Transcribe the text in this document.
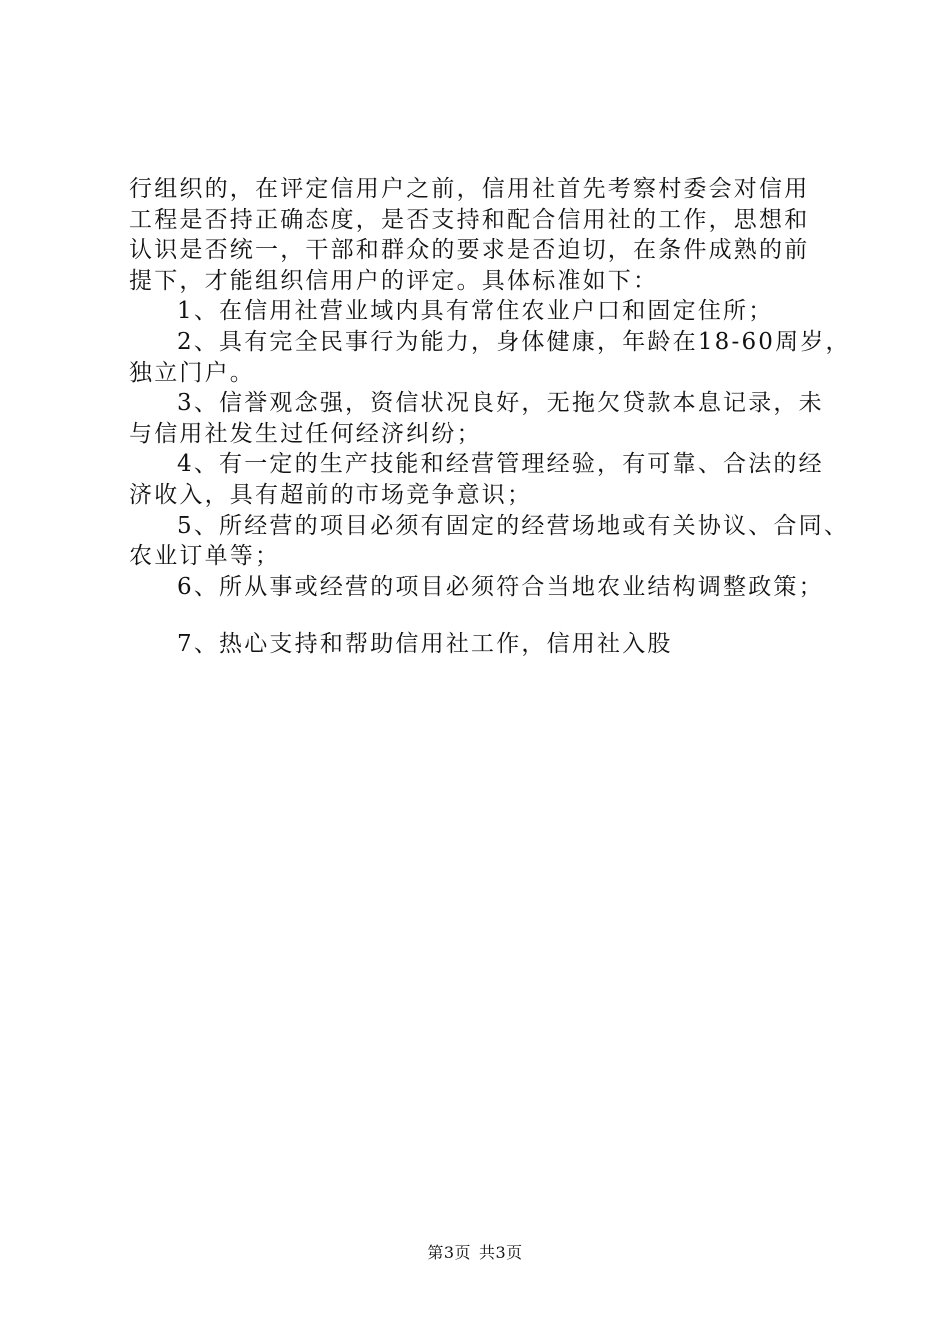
行组织的，在评定信用户之前，信用社首先考察村委会对信用
工程是否持正确态度，是否支持和配合信用社的工作，思想和
认识是否统一，干部和群众的要求是否迫切，在条件成熟的前
提下，才能组织信用户的评定。具体标准如下：
1、在信用社营业域内具有常住农业户口和固定住所；
2、具有完全民事行为能力，身体健康，年龄在18-60周岁，
独立门户。
3、信誉观念强，资信状况良好，无拖欠贷款本息记录，未
与信用社发生过任何经济纠纷；
4、有一定的生产技能和经营管理经验，有可靠、合法的经
济收入，具有超前的市场竞争意识；
5、所经营的项目必须有固定的经营场地或有关协议、合同、
农业订单等；
6、所从事或经营的项目必须符合当地农业结构调整政策；
7、热心支持和帮助信用社工作，信用社入股
第3页 共3页
